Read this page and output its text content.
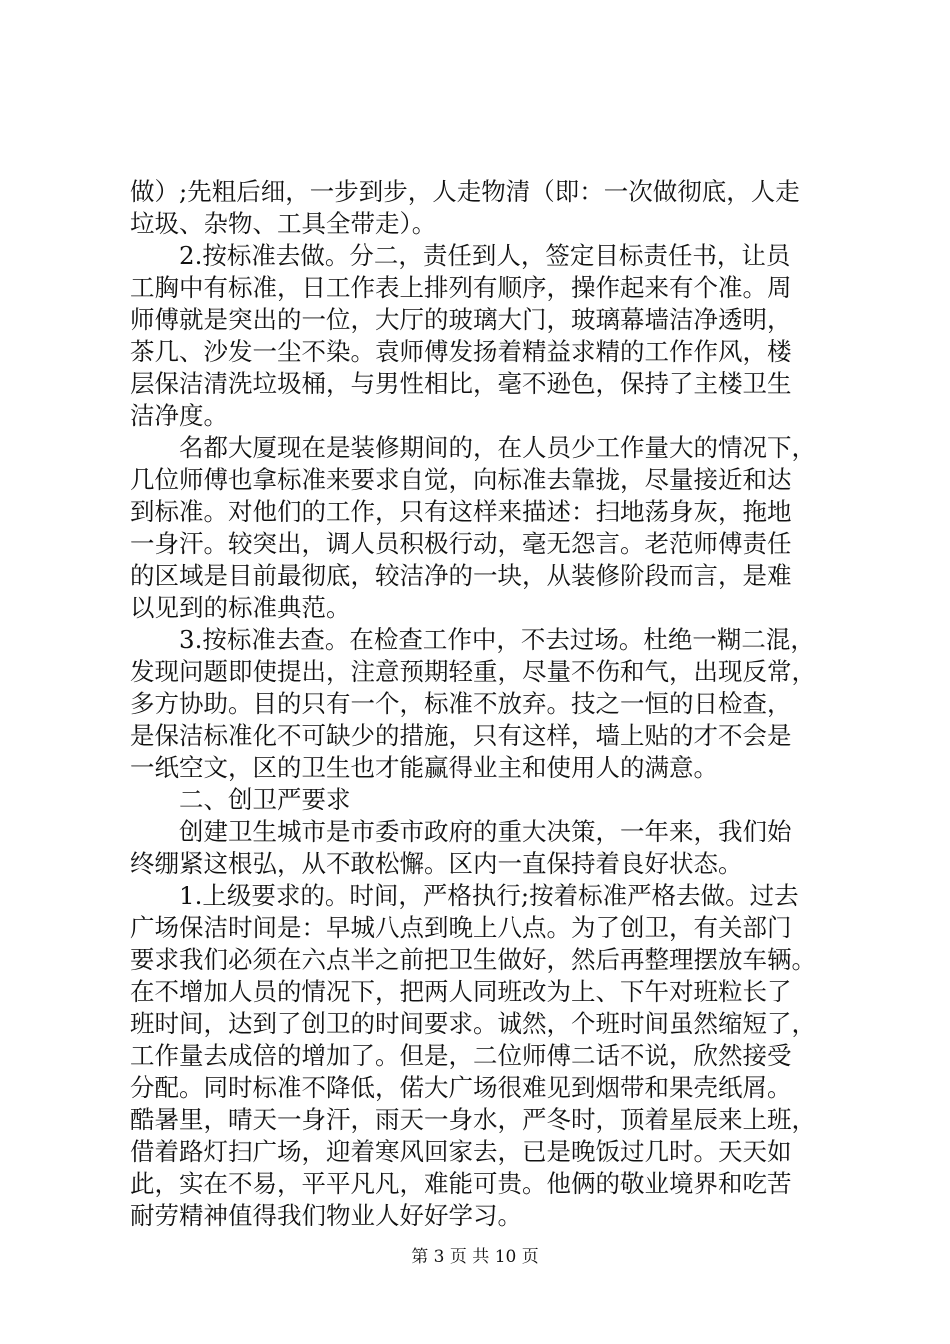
做）;先粗后细，一步到步，人走物清（即：一次做彻底，人走
垃圾、杂物、工具全带走）。
　　2.按标准去做。分二，责任到人，签定目标责任书，让员
工胸中有标准，日工作表上排列有顺序，操作起来有个准。周
师傅就是突出的一位，大厅的玻璃大门，玻璃幕墙洁净透明，
茶几、沙发一尘不染。袁师傅发扬着精益求精的工作作风，楼
层保洁清洗垃圾桶，与男性相比，毫不逊色，保持了主楼卫生
洁净度。
　　名都大厦现在是装修期间的，在人员少工作量大的情况下，
几位师傅也拿标准来要求自觉，向标准去靠拢，尽量接近和达
到标准。对他们的工作，只有这样来描述：扫地荡身灰，拖地
一身汗。较突出，调人员积极行动，毫无怨言。老范师傅责任
的区域是目前最彻底，较洁净的一块，从装修阶段而言，是难
以见到的标准典范。
　　3.按标准去查。在检查工作中，不去过场。杜绝一糊二混，
发现问题即使提出，注意预期轻重，尽量不伤和气，出现反常，
多方协助。目的只有一个，标准不放弃。技之一恒的日检查，
是保洁标准化不可缺少的措施，只有这样，墙上贴的才不会是
一纸空文，区的卫生也才能赢得业主和使用人的满意。
　　二、创卫严要求
　　创建卫生城市是市委市政府的重大决策，一年来，我们始
终绷紧这根弘，从不敢松懈。区内一直保持着良好状态。
　　1.上级要求的。时间，严格执行;按着标准严格去做。过去
广场保洁时间是：早城八点到晚上八点。为了创卫，有关部门
要求我们必须在六点半之前把卫生做好，然后再整理摆放车辆。
在不增加人员的情况下，把两人同班改为上、下午对班粒长了
班时间，达到了创卫的时间要求。诚然，个班时间虽然缩短了，
工作量去成倍的增加了。但是，二位师傅二话不说，欣然接受
分配。同时标准不降低，偌大广场很难见到烟带和果壳纸屑。
酷暑里，晴天一身汗，雨天一身水，严冬时，顶着星辰来上班，
借着路灯扫广场，迎着寒风回家去，已是晚饭过几时。天天如
此，实在不易，平平凡凡，难能可贵。他俩的敬业境界和吃苦
耐劳精神值得我们物业人好好学习。
第 3 页 共 10 页
